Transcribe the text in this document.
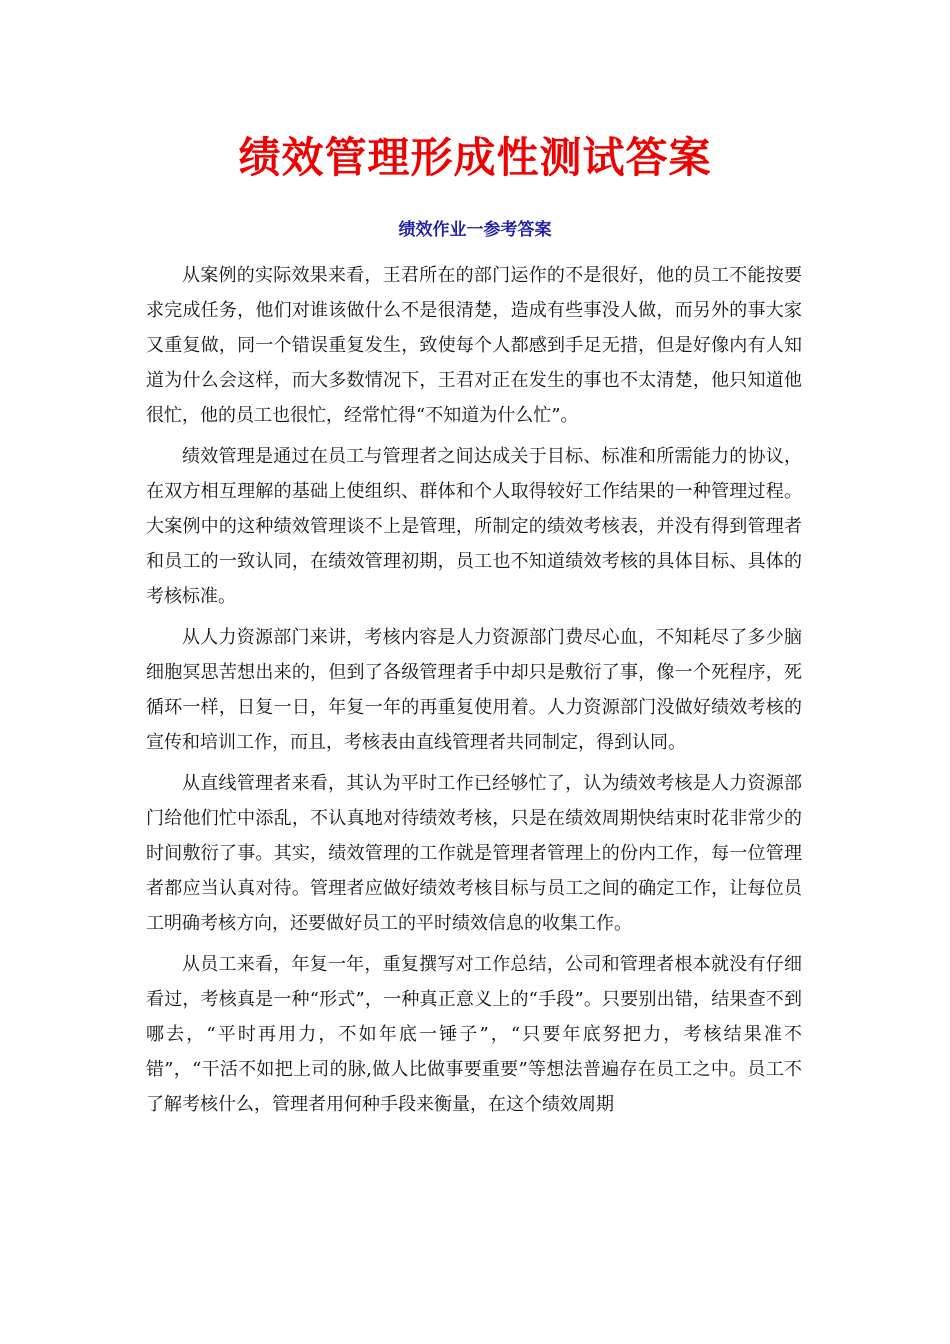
绩效管理形成性测试答案
绩效作业一参考答案

从案例的实际效果来看，王君所在的部门运作的不是很好，他的员工不能按要求完成任务，他们对谁该做什么不是很清楚，造成有些事没人做，而另外的事大家又重复做，同一个错误重复发生，致使每个人都感到手足无措，但是好像内有人知道为什么会这样，而大多数情况下，王君对正在发生的事也不太清楚，他只知道他很忙，他的员工也很忙，经常忙得“不知道为什么忙”。

绩效管理是通过在员工与管理者之间达成关于目标、标准和所需能力的协议，在双方相互理解的基础上使组织、群体和个人取得较好工作结果的一种管理过程。大案例中的这种绩效管理谈不上是管理，所制定的绩效考核表，并没有得到管理者和员工的一致认同，在绩效管理初期，员工也不知道绩效考核的具体目标、具体的考核标准。

从人力资源部门来讲，考核内容是人力资源部门费尽心血，不知耗尽了多少脑细胞冥思苦想出来的，但到了各级管理者手中却只是敷衍了事，像一个死程序，死循环一样，日复一日，年复一年的再重复使用着。人力资源部门没做好绩效考核的宣传和培训工作，而且，考核表由直线管理者共同制定，得到认同。

从直线管理者来看，其认为平时工作已经够忙了，认为绩效考核是人力资源部门给他们忙中添乱，不认真地对待绩效考核，只是在绩效周期快结束时花非常少的时间敷衍了事。其实，绩效管理的工作就是管理者管理上的份内工作，每一位管理者都应当认真对待。管理者应做好绩效考核目标与员工之间的确定工作，让每位员工明确考核方向，还要做好员工的平时绩效信息的收集工作。

从员工来看，年复一年，重复撰写对工作总结，公司和管理者根本就没有仔细看过，考核真是一种“形式”，一种真正意义上的“手段”。只要别出错，结果查不到哪去，“平时再用力，不如年底一锤子”，“只要年底努把力，考核结果准不错”，“干活不如把上司的脉,做人比做事要重要”等想法普遍存在员工之中。员工不了解考核什么，管理者用何种手段来衡量，在这个绩效周期
